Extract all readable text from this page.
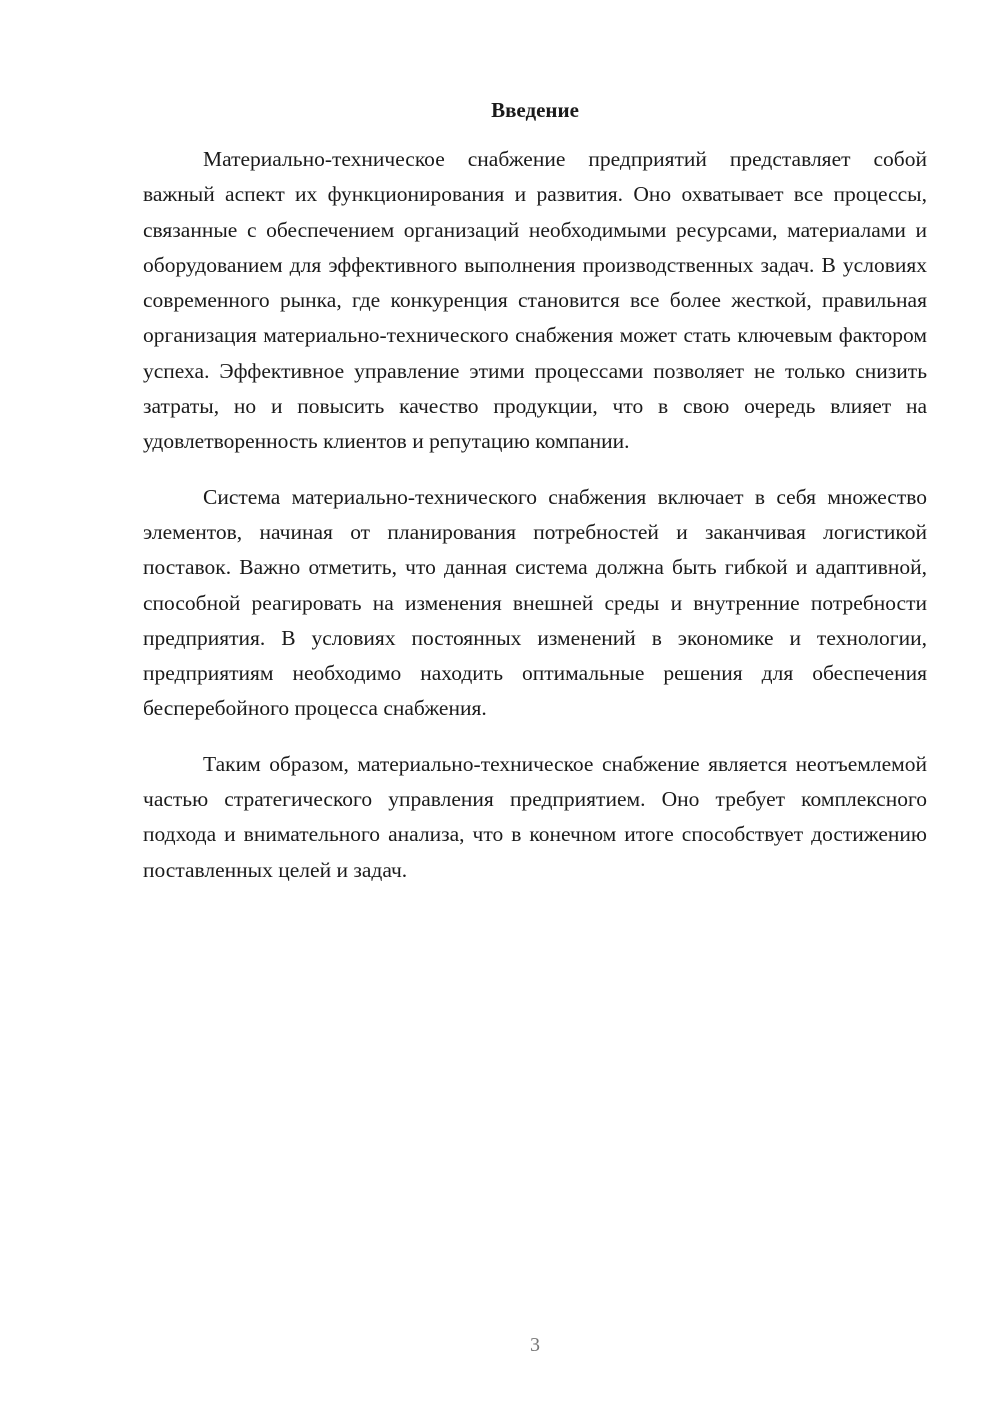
Введение

Материально-техническое снабжение предприятий представляет собой важный аспект их функционирования и развития. Оно охватывает все процессы, связанные с обеспечением организаций необходимыми ресурсами, материалами и оборудованием для эффективного выполнения производственных задач. В условиях современного рынка, где конкуренция становится все более жесткой, правильная организация материально-технического снабжения может стать ключевым фактором успеха. Эффективное управление этими процессами позволяет не только снизить затраты, но и повысить качество продукции, что в свою очередь влияет на удовлетворенность клиентов и репутацию компании.

Система материально-технического снабжения включает в себя множество элементов, начиная от планирования потребностей и заканчивая логистикой поставок. Важно отметить, что данная система должна быть гибкой и адаптивной, способной реагировать на изменения внешней среды и внутренние потребности предприятия. В условиях постоянных изменений в экономике и технологии, предприятиям необходимо находить оптимальные решения для обеспечения бесперебойного процесса снабжения.

Таким образом, материально-техническое снабжение является неотъемлемой частью стратегического управления предприятием. Оно требует комплексного подхода и внимательного анализа, что в конечном итоге способствует достижению поставленных целей и задач.

3
